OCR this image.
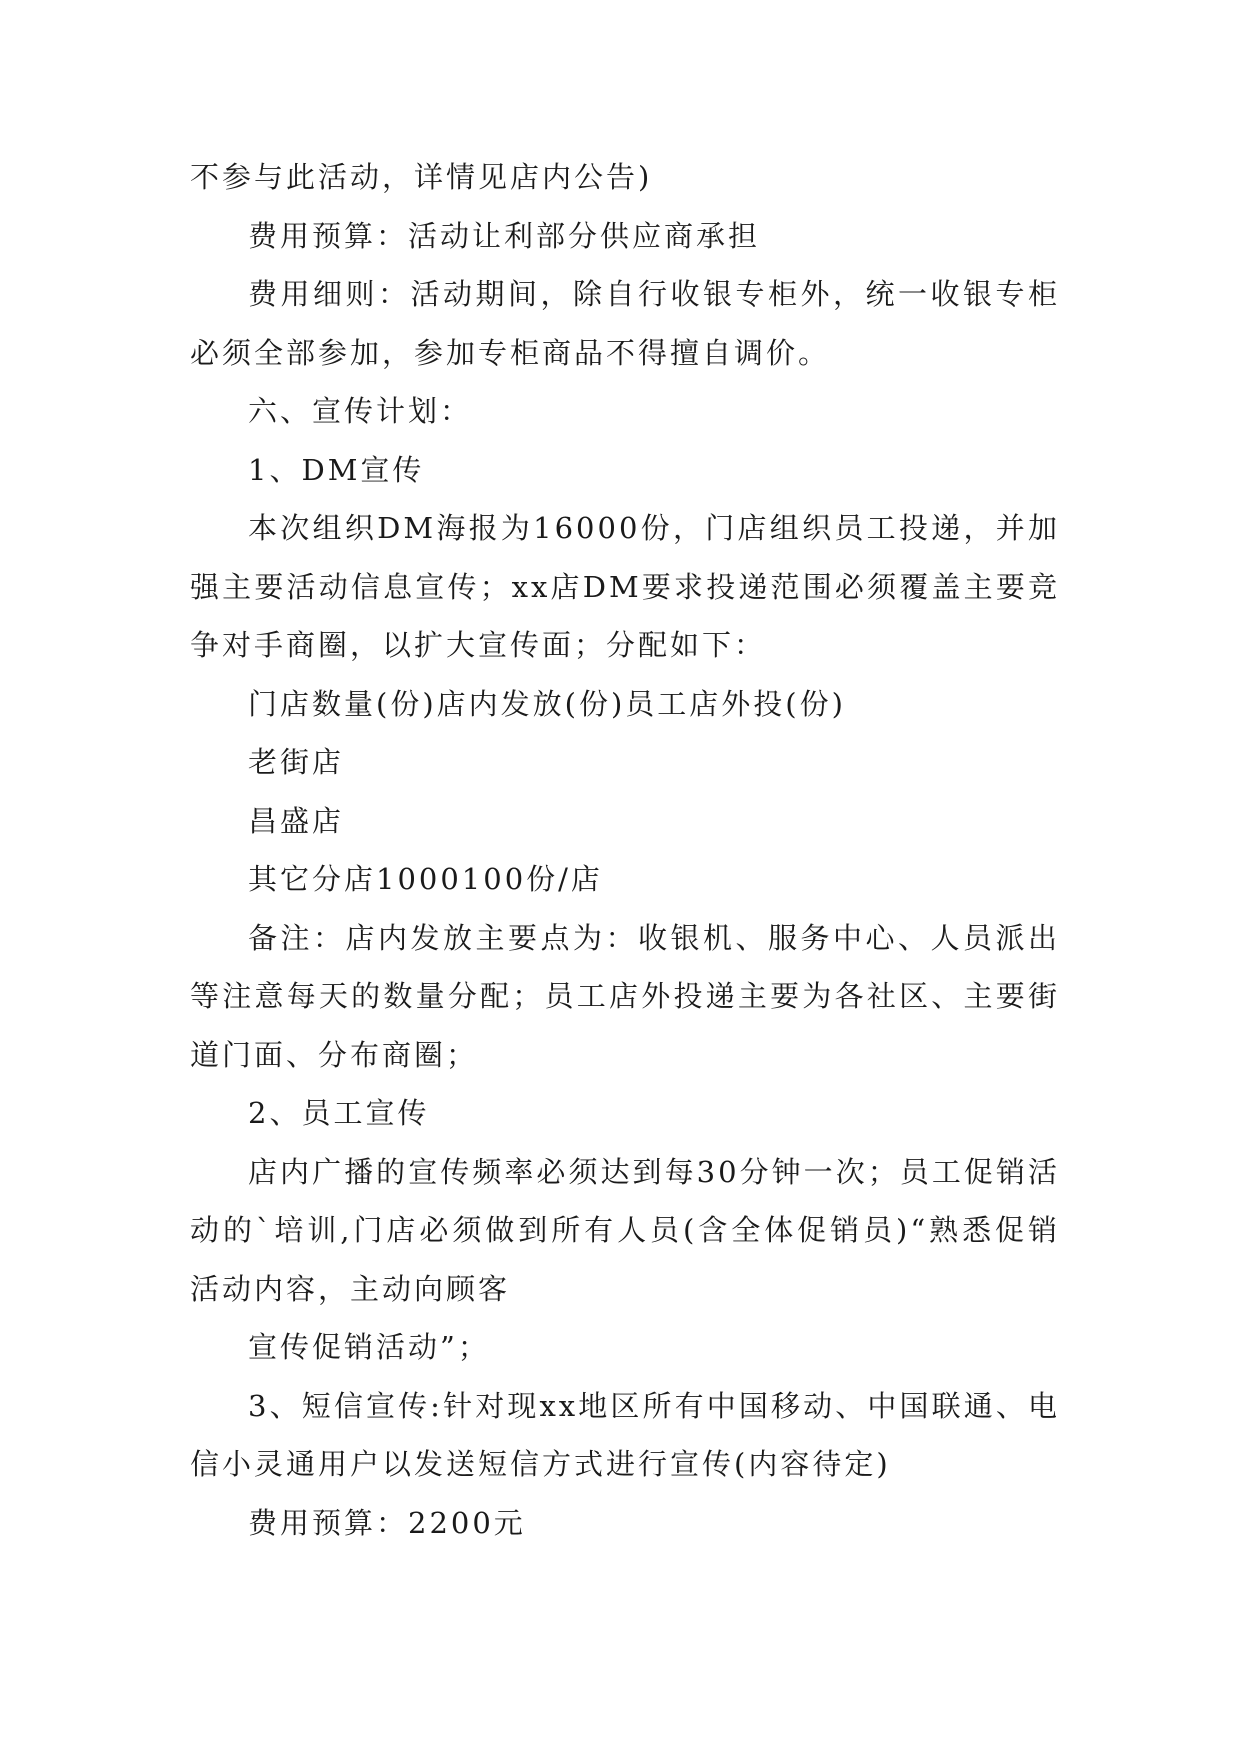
不参与此活动，详情见店内公告)

费用预算：活动让利部分供应商承担

费用细则：活动期间，除自行收银专柜外，统一收银专柜必须全部参加，参加专柜商品不得擅自调价。

六、宣传计划：

1、DM宣传

本次组织DM海报为16000份，门店组织员工投递，并加强主要活动信息宣传；xx店DM要求投递范围必须覆盖主要竞争对手商圈，以扩大宣传面；分配如下：

门店数量(份)店内发放(份)员工店外投(份)

老街店

昌盛店

其它分店1000100份/店

备注：店内发放主要点为：收银机、服务中心、人员派出等注意每天的数量分配；员工店外投递主要为各社区、主要街道门面、分布商圈；

2、员工宣传

店内广播的宣传频率必须达到每30分钟一次；员工促销活动的`培训,门店必须做到所有人员(含全体促销员)“熟悉促销活动内容，主动向顾客

宣传促销活动”；

3、短信宣传:针对现xx地区所有中国移动、中国联通、电信小灵通用户以发送短信方式进行宣传(内容待定)

费用预算：2200元
